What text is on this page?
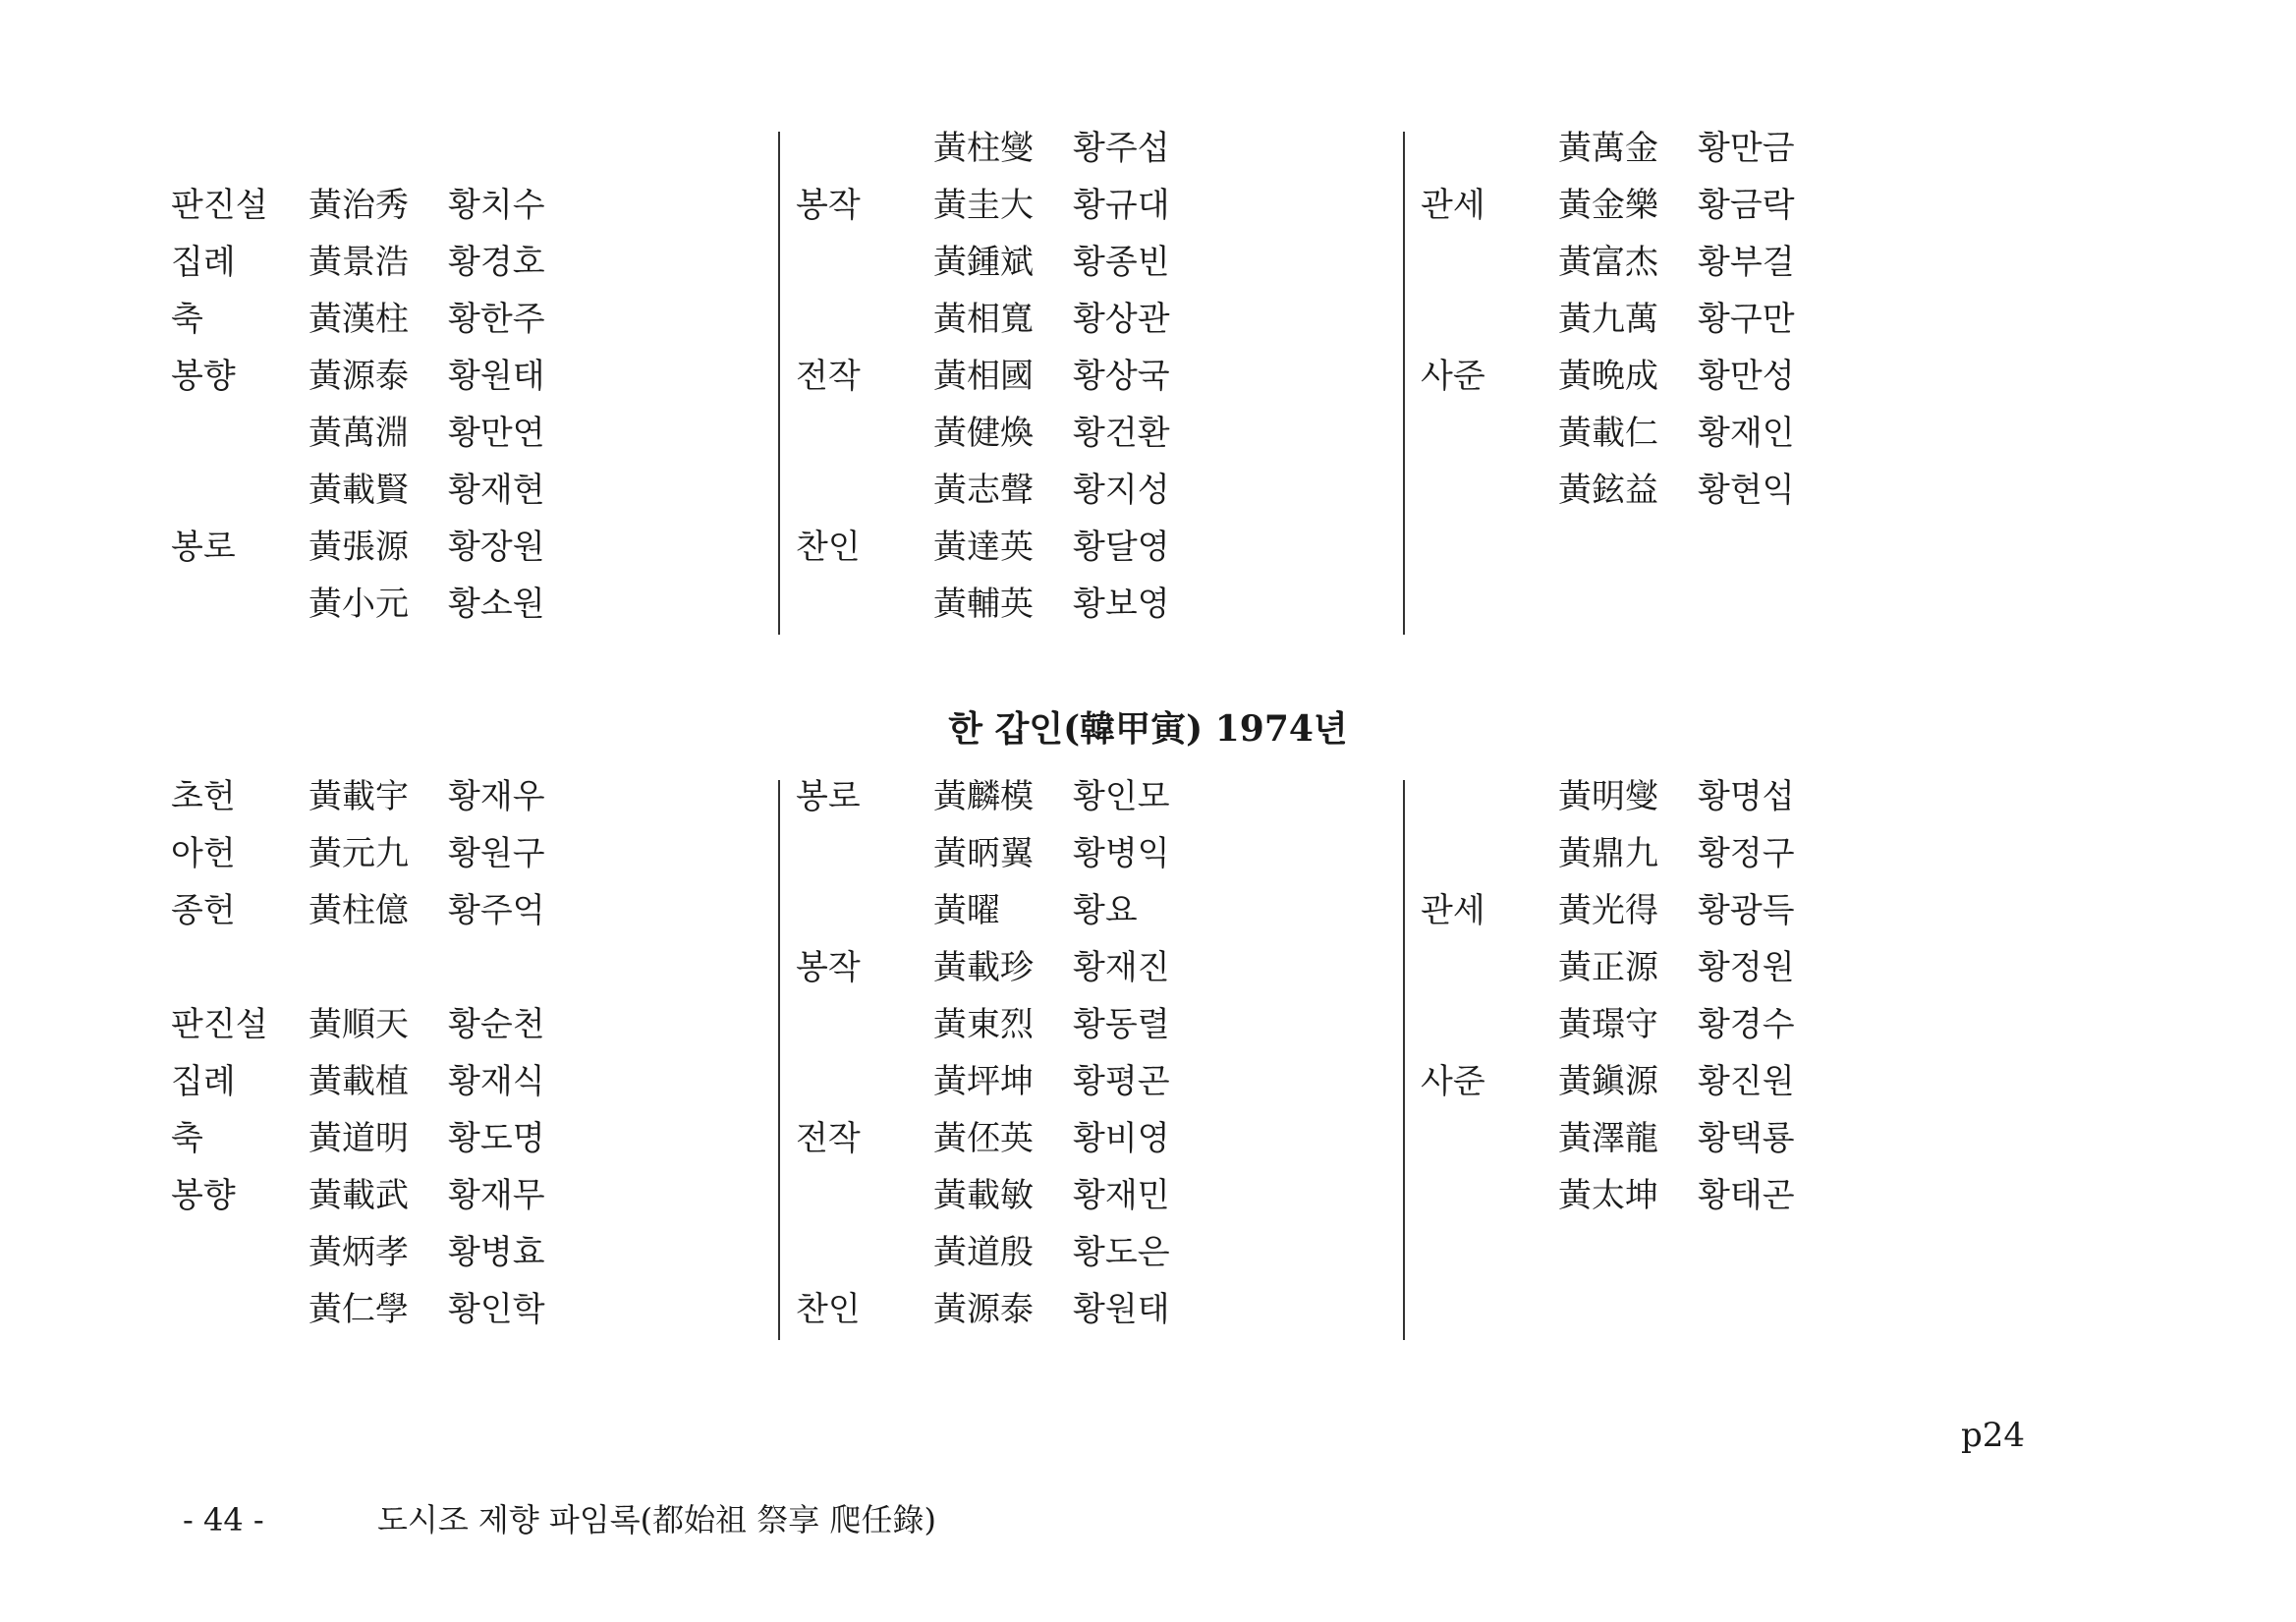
판진설 黃治秀 황치수
집례 黃景浩 황경호
축	黃漢柱 황한주
봉향 黃源泰 황원태
黃萬淵 황만연
黃載賢 황재현
봉로 黃張源 황장원
黃小元 황소원
黃柱燮 황주섭
봉작 黃圭大 황규대
黃鍾斌 황종빈
黃相寬 황상관
전작 黃相國 황상국
黃健煥 황건환
黃志聲 황지성
찬인 黃達英 황달영
黃輔英 황보영
黃萬金 황만금
관세 黃金樂 황금락
黃富杰 황부걸
黃九萬 황구만
사준 黃晩成 황만성
黃載仁 황재인
黃鉉益 황현익
한 갑인(韓甲寅) 1974년
초헌 黃載宇 황재우
아헌 黃元九 황원구
종헌 黃柱億 황주억
판진설 黃順天 황순천
집례 黃載植 황재식
축	黃道明 황도명
봉향 黃載武 황재무
黃炳孝 황병효
黃仁學 황인학
봉로 黃麟模 황인모
黃昞翼 황병익
黃曜 황요
봉작 黃載珍 황재진
黃東烈 황동렬
黃坪坤 황평곤
전작 黃伾英 황비영
黃載敏 황재민
黃道殷 황도은
찬인 黃源泰 황원태
黃明燮 황명섭
黃鼎九 황정구
관세 黃光得 황광득
黃正源 황정원
黃璟守 황경수
사준 黃鎭源 황진원
黃澤龍 황택룡
黃太坤 황태곤
p24
- 44 -	도시조 제향 파임록(都始祖 祭享 爬任錄)
